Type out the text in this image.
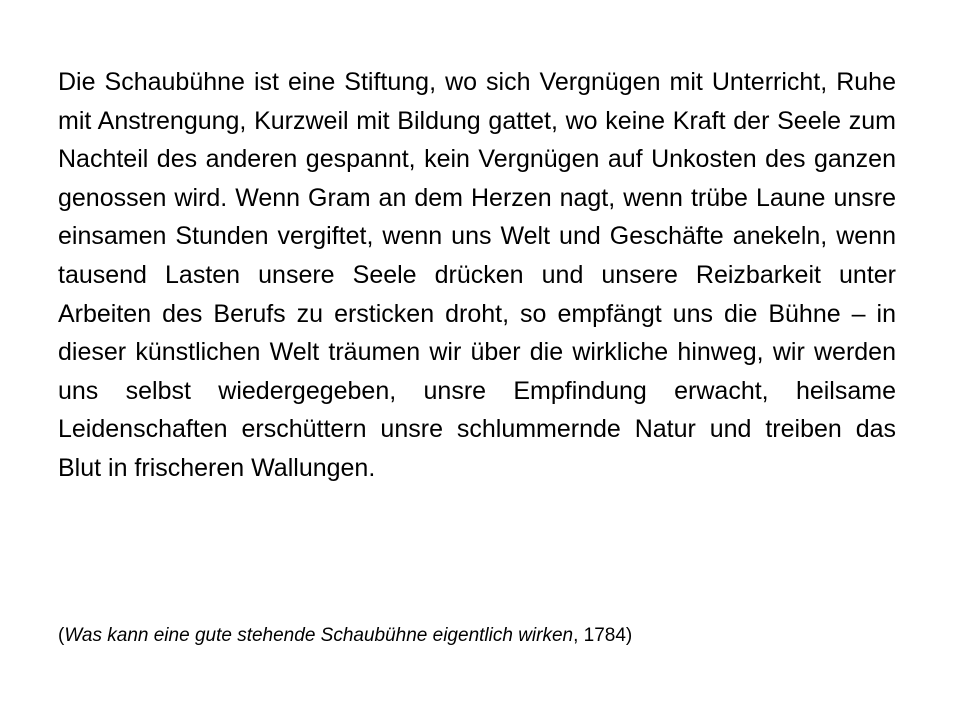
Die Schaubühne ist eine Stiftung, wo sich Vergnügen mit Unterricht, Ruhe mit Anstrengung, Kurzweil mit Bildung gattet, wo keine Kraft der Seele zum Nachteil des anderen gespannt, kein Vergnügen auf Unkosten des ganzen genossen wird. Wenn Gram an dem Herzen nagt, wenn trübe Laune unsre einsamen Stunden vergiftet, wenn uns Welt und Geschäfte anekeln, wenn tausend Lasten unsere Seele drücken und unsere Reizbarkeit unter Arbeiten des Berufs zu ersticken droht, so empfängt uns die Bühne – in dieser künstlichen Welt träumen wir über die wirkliche hinweg, wir werden uns selbst wiedergegeben, unsre Empfindung erwacht, heilsame Leidenschaften erschüttern unsre schlummernde Natur und treiben das Blut in frischeren Wallungen.

(Was kann eine gute stehende Schaubühne eigentlich wirken, 1784)
